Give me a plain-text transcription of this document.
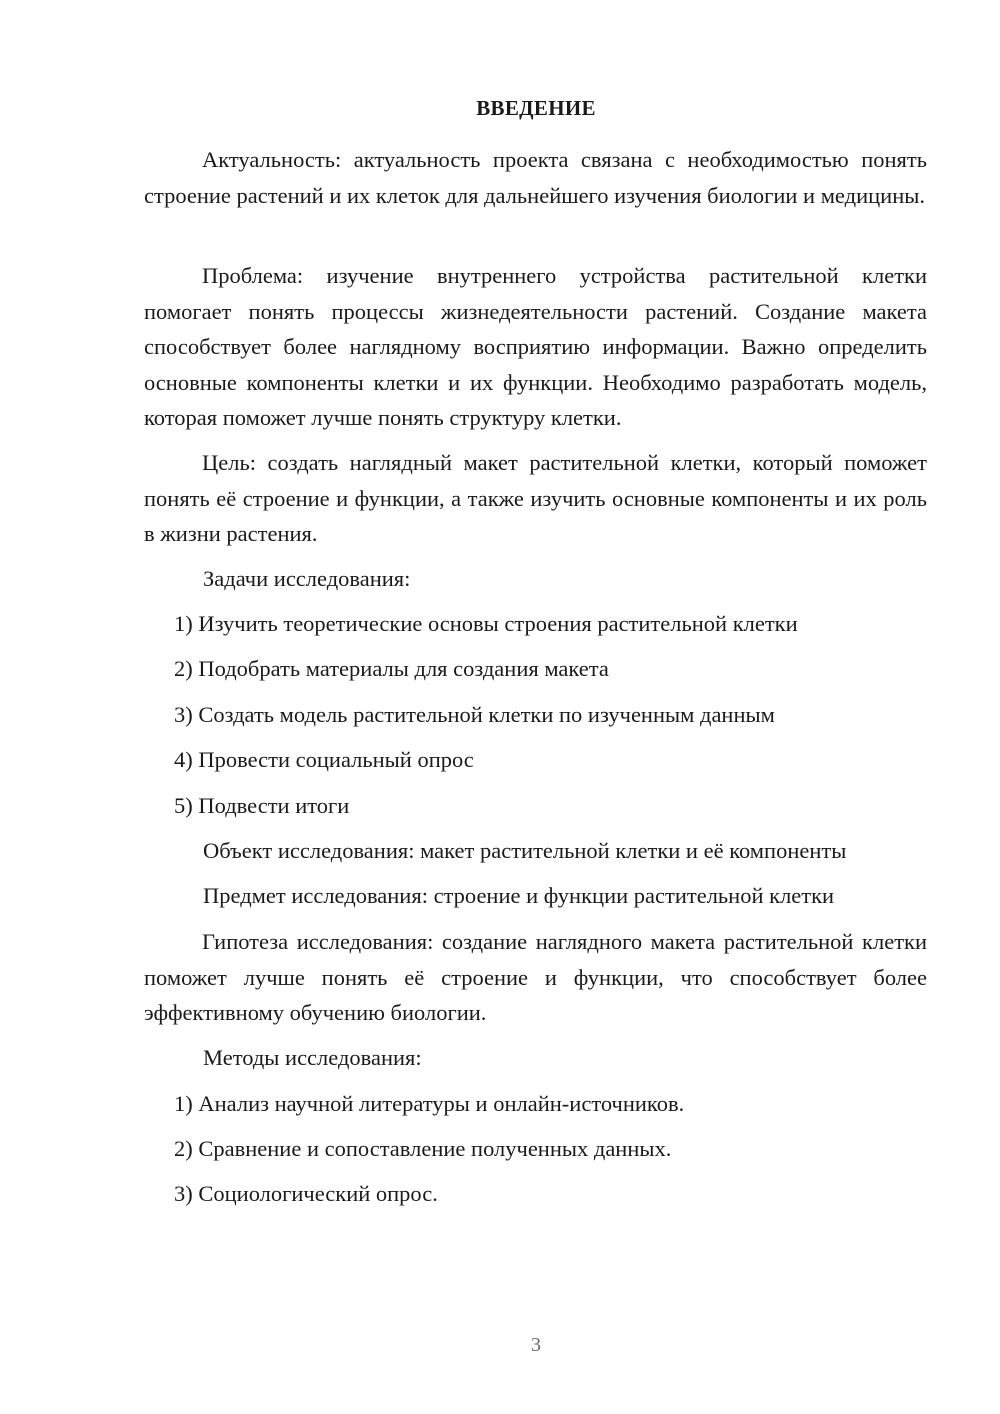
ВВЕДЕНИЕ

Актуальность: актуальность проекта связана с необходимостью понять строение растений и их клеток для дальнейшего изучения биологии и медицины.

Проблема: изучение внутреннего устройства растительной клетки помогает понять процессы жизнедеятельности растений. Создание макета способствует более наглядному восприятию информации. Важно определить основные компоненты клетки и их функции. Необходимо разработать модель, которая поможет лучше понять структуру клетки.

Цель: создать наглядный макет растительной клетки, который поможет понять её строение и функции, а также изучить основные компоненты и их роль в жизни растения.

Задачи исследования:

1) Изучить теоретические основы строения растительной клетки

2) Подобрать материалы для создания макета

3) Создать модель растительной клетки по изученным данным

4) Провести социальный опрос

5) Подвести итоги

Объект исследования: макет растительной клетки и её компоненты

Предмет исследования: строение и функции растительной клетки

Гипотеза исследования: создание наглядного макета растительной клетки поможет лучше понять её строение и функции, что способствует более эффективному обучению биологии.

Методы исследования:

1) Анализ научной литературы и онлайн-источников.

2) Сравнение и сопоставление полученных данных.

3) Социологический опрос.

3
